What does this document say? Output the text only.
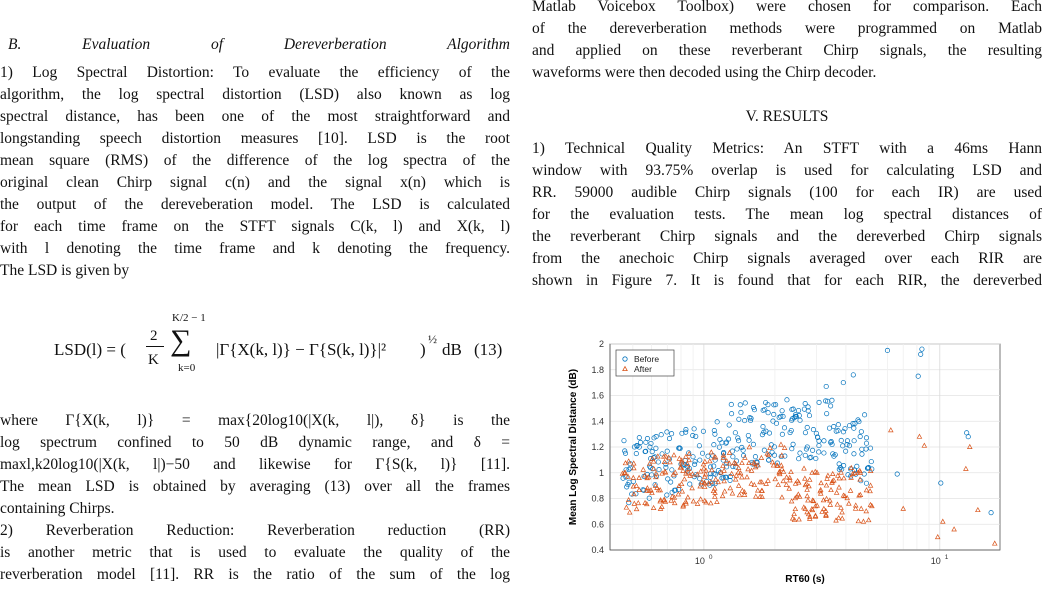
B. Evaluation of Dereverberation Algorithm
1) Log Spectral Distortion: To evaluate the efficiency of the
algorithm, the log spectral distortion (LSD) also known as log
spectral distance, has been one of the most straightforward and
longstanding speech distortion measures [10]. LSD is the root
mean square (RMS) of the difference of the log spectra of the
original clean Chirp signal c(n) and the signal x(n) which is
the output of the dereveberation model. The LSD is calculated
for each time frame on the STFT signals C(k, l) and X(k, l)
with l denoting the time frame and k denoting the frequency.
The LSD is given by
where Γ{X(k, l)} = max{20log10(|X(k, l|), δ} is the
log spectrum confined to 50 dB dynamic range, and δ =
maxl,k20log10(|X(k, l|)−50 and likewise for Γ{S(k, l)} [11].
The mean LSD is obtained by averaging (13) over all the frames
containing Chirps.
2) Reverberation Reduction: Reverberation reduction (RR)
is another metric that is used to evaluate the quality of the
reverberation model [11]. RR is the ratio of the sum of the log
Matlab Voicebox Toolbox) were chosen for comparison. Each
of the dereverberation methods were programmed on Matlab
and applied on these reverberant Chirp signals, the resulting
waveforms were then decoded using the Chirp decoder.
V. RESULTS
1) Technical Quality Metrics: An STFT with a 46ms Hann
window with 93.75% overlap is used for calculating LSD and
RR. 59000 audible Chirp signals (100 for each IR) are used
for the evaluation tests. The mean log spectral distances of
the reverberant Chirp signals and the dereverbed Chirp signals
from the anechoic Chirp signals averaged over each RIR are
shown in Figure 7. It is found that for each RIR, the dereverbed
LSD(l) = (
2
K
K/2 − 1
∑
k=0
|Γ{X(k, l)} − Γ{S(k, l)}|² )
½
dB (13)
0.4
0.6
0.8
1
1.2
1.4
1.6
1.8
2
10 0	10 1
RT60 (s)
Mean Log Spectral Distance (dB)
Before
After
